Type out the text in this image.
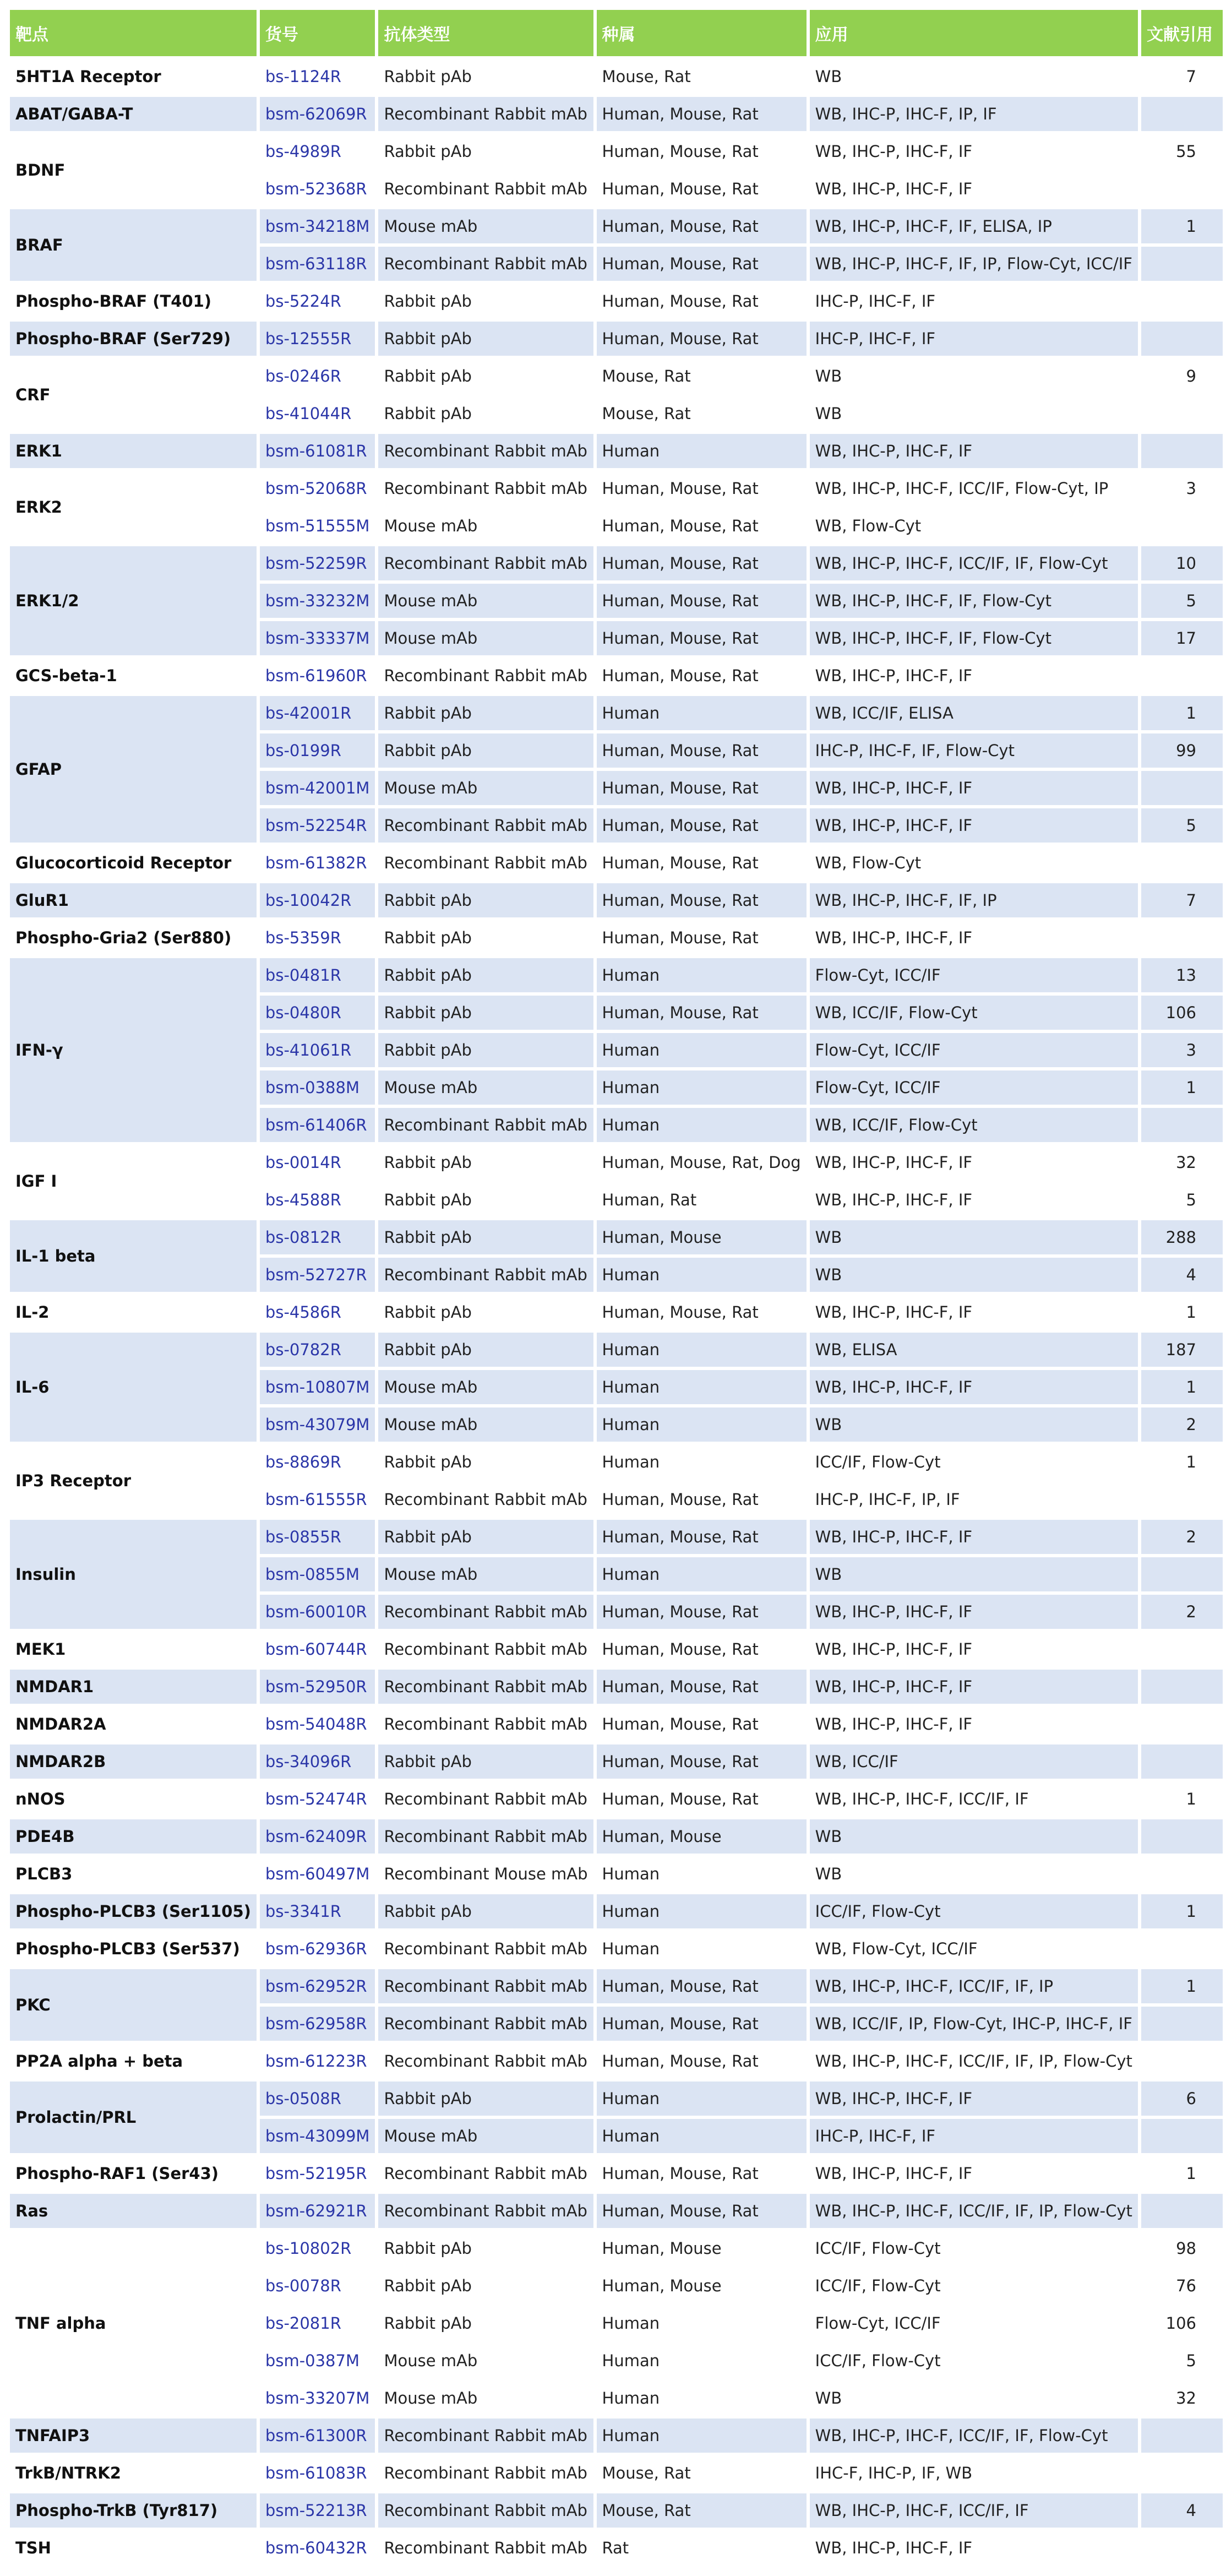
靶点	货号	抗体类型	种属	应用	文献引用
5HT1A Receptor	bs-1124R	Rabbit pAb	Mouse, Rat	WB	7
ABAT/GABA-T	bsm-62069R	Recombinant Rabbit mAb	Human, Mouse, Rat	WB, IHC-P, IHC-F, IP, IF	
BDNF	bs-4989R	Rabbit pAb	Human, Mouse, Rat	WB, IHC-P, IHC-F, IF	55
	bsm-52368R	Recombinant Rabbit mAb	Human, Mouse, Rat	WB, IHC-P, IHC-F, IF	
BRAF	bsm-34218M	Mouse mAb	Human, Mouse, Rat	WB, IHC-P, IHC-F, IF, ELISA, IP	1
	bsm-63118R	Recombinant Rabbit mAb	Human, Mouse, Rat	WB, IHC-P, IHC-F, IF, IP, Flow-Cyt, ICC/IF	
Phospho-BRAF (T401)	bs-5224R	Rabbit pAb	Human, Mouse, Rat	IHC-P, IHC-F, IF	
Phospho-BRAF (Ser729)	bs-12555R	Rabbit pAb	Human, Mouse, Rat	IHC-P, IHC-F, IF	
CRF	bs-0246R	Rabbit pAb	Mouse, Rat	WB	9
	bs-41044R	Rabbit pAb	Mouse, Rat	WB	
ERK1	bsm-61081R	Recombinant Rabbit mAb	Human	WB, IHC-P, IHC-F, IF	
ERK2	bsm-52068R	Recombinant Rabbit mAb	Human, Mouse, Rat	WB, IHC-P, IHC-F, ICC/IF, Flow-Cyt, IP	3
	bsm-51555M	Mouse mAb	Human, Mouse, Rat	WB, Flow-Cyt	
ERK1/2	bsm-52259R	Recombinant Rabbit mAb	Human, Mouse, Rat	WB, IHC-P, IHC-F, ICC/IF, IF, Flow-Cyt	10
	bsm-33232M	Mouse mAb	Human, Mouse, Rat	WB, IHC-P, IHC-F, IF, Flow-Cyt	5
	bsm-33337M	Mouse mAb	Human, Mouse, Rat	WB, IHC-P, IHC-F, IF, Flow-Cyt	17
GCS-beta-1	bsm-61960R	Recombinant Rabbit mAb	Human, Mouse, Rat	WB, IHC-P, IHC-F, IF	
GFAP	bs-42001R	Rabbit pAb	Human	WB, ICC/IF, ELISA	1
	bs-0199R	Rabbit pAb	Human, Mouse, Rat	IHC-P, IHC-F, IF, Flow-Cyt	99
	bsm-42001M	Mouse mAb	Human, Mouse, Rat	WB, IHC-P, IHC-F, IF	
	bsm-52254R	Recombinant Rabbit mAb	Human, Mouse, Rat	WB, IHC-P, IHC-F, IF	5
Glucocorticoid Receptor	bsm-61382R	Recombinant Rabbit mAb	Human, Mouse, Rat	WB, Flow-Cyt	
GluR1	bs-10042R	Rabbit pAb	Human, Mouse, Rat	WB, IHC-P, IHC-F, IF, IP	7
Phospho-Gria2 (Ser880)	bs-5359R	Rabbit pAb	Human, Mouse, Rat	WB, IHC-P, IHC-F, IF	
IFN-γ	bs-0481R	Rabbit pAb	Human	Flow-Cyt, ICC/IF	13
	bs-0480R	Rabbit pAb	Human, Mouse, Rat	WB, ICC/IF, Flow-Cyt	106
	bs-41061R	Rabbit pAb	Human	Flow-Cyt, ICC/IF	3
	bsm-0388M	Mouse mAb	Human	Flow-Cyt, ICC/IF	1
	bsm-61406R	Recombinant Rabbit mAb	Human	WB, ICC/IF, Flow-Cyt	
IGF I	bs-0014R	Rabbit pAb	Human, Mouse, Rat, Dog	WB, IHC-P, IHC-F, IF	32
	bs-4588R	Rabbit pAb	Human, Rat	WB, IHC-P, IHC-F, IF	5
IL-1 beta	bs-0812R	Rabbit pAb	Human, Mouse	WB	288
	bsm-52727R	Recombinant Rabbit mAb	Human	WB	4
IL-2	bs-4586R	Rabbit pAb	Human, Mouse, Rat	WB, IHC-P, IHC-F, IF	1
IL-6	bs-0782R	Rabbit pAb	Human	WB, ELISA	187
	bsm-10807M	Mouse mAb	Human	WB, IHC-P, IHC-F, IF	1
	bsm-43079M	Mouse mAb	Human	WB	2
IP3 Receptor	bs-8869R	Rabbit pAb	Human	ICC/IF, Flow-Cyt	1
	bsm-61555R	Recombinant Rabbit mAb	Human, Mouse, Rat	IHC-P, IHC-F, IP, IF	
Insulin	bs-0855R	Rabbit pAb	Human, Mouse, Rat	WB, IHC-P, IHC-F, IF	2
	bsm-0855M	Mouse mAb	Human	WB	
	bsm-60010R	Recombinant Rabbit mAb	Human, Mouse, Rat	WB, IHC-P, IHC-F, IF	2
MEK1	bsm-60744R	Recombinant Rabbit mAb	Human, Mouse, Rat	WB, IHC-P, IHC-F, IF	
NMDAR1	bsm-52950R	Recombinant Rabbit mAb	Human, Mouse, Rat	WB, IHC-P, IHC-F, IF	
NMDAR2A	bsm-54048R	Recombinant Rabbit mAb	Human, Mouse, Rat	WB, IHC-P, IHC-F, IF	
NMDAR2B	bs-34096R	Rabbit pAb	Human, Mouse, Rat	WB, ICC/IF	
nNOS	bsm-52474R	Recombinant Rabbit mAb	Human, Mouse, Rat	WB, IHC-P, IHC-F, ICC/IF, IF	1
PDE4B	bsm-62409R	Recombinant Rabbit mAb	Human, Mouse	WB	
PLCB3	bsm-60497M	Recombinant Mouse mAb	Human	WB	
Phospho-PLCB3 (Ser1105)	bs-3341R	Rabbit pAb	Human	ICC/IF, Flow-Cyt	1
Phospho-PLCB3 (Ser537)	bsm-62936R	Recombinant Rabbit mAb	Human	WB, Flow-Cyt, ICC/IF	
PKC	bsm-62952R	Recombinant Rabbit mAb	Human, Mouse, Rat	WB, IHC-P, IHC-F, ICC/IF, IF, IP	1
	bsm-62958R	Recombinant Rabbit mAb	Human, Mouse, Rat	WB, ICC/IF, IP, Flow-Cyt, IHC-P, IHC-F, IF	
PP2A alpha + beta	bsm-61223R	Recombinant Rabbit mAb	Human, Mouse, Rat	WB, IHC-P, IHC-F, ICC/IF, IF, IP, Flow-Cyt	
Prolactin/PRL	bs-0508R	Rabbit pAb	Human	WB, IHC-P, IHC-F, IF	6
	bsm-43099M	Mouse mAb	Human	IHC-P, IHC-F, IF	
Phospho-RAF1 (Ser43)	bsm-52195R	Recombinant Rabbit mAb	Human, Mouse, Rat	WB, IHC-P, IHC-F, IF	1
Ras	bsm-62921R	Recombinant Rabbit mAb	Human, Mouse, Rat	WB, IHC-P, IHC-F, ICC/IF, IF, IP, Flow-Cyt	
TNF alpha	bs-10802R	Rabbit pAb	Human, Mouse	ICC/IF, Flow-Cyt	98
	bs-0078R	Rabbit pAb	Human, Mouse	ICC/IF, Flow-Cyt	76
	bs-2081R	Rabbit pAb	Human	Flow-Cyt, ICC/IF	106
	bsm-0387M	Mouse mAb	Human	ICC/IF, Flow-Cyt	5
	bsm-33207M	Mouse mAb	Human	WB	32
TNFAIP3	bsm-61300R	Recombinant Rabbit mAb	Human	WB, IHC-P, IHC-F, ICC/IF, IF, Flow-Cyt	
TrkB/NTRK2	bsm-61083R	Recombinant Rabbit mAb	Mouse, Rat	IHC-F, IHC-P, IF, WB	
Phospho-TrkB (Tyr817)	bsm-52213R	Recombinant Rabbit mAb	Mouse, Rat	WB, IHC-P, IHC-F, ICC/IF, IF	4
TSH	bsm-60432R	Recombinant Rabbit mAb	Rat	WB, IHC-P, IHC-F, IF	
